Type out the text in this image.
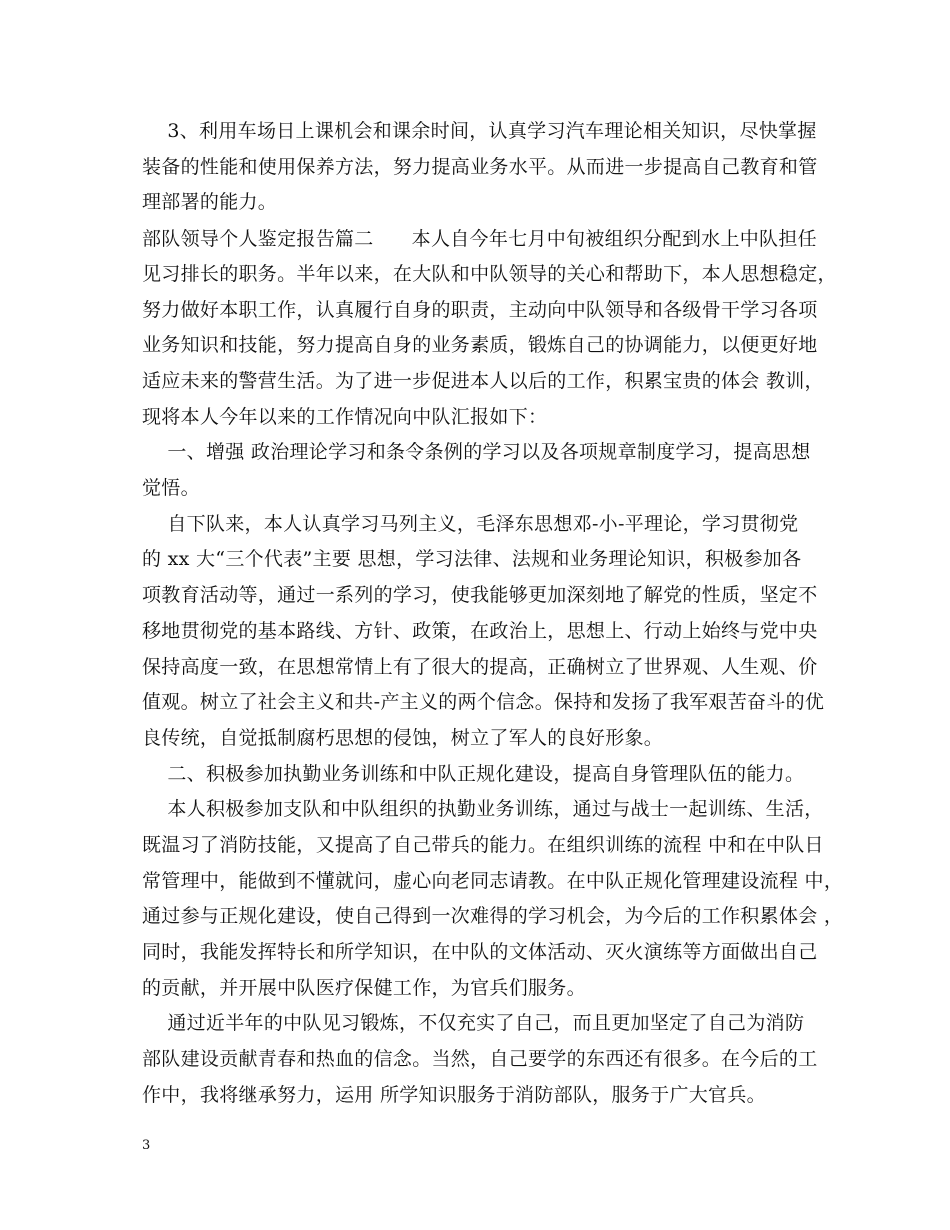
3、利用车场日上课机会和课余时间，认真学习汽车理论相关知识，尽快掌握
装备的性能和使用保养方法，努力提高业务水平。从而进一步提高自己教育和管
理部署的能力。
部队领导个人鉴定报告篇二      本人自今年七月中旬被组织分配到水上中队担任
见习排长的职务。半年以来，在大队和中队领导的关心和帮助下，本人思想稳定，
努力做好本职工作，认真履行自身的职责，主动向中队领导和各级骨干学习各项
业务知识和技能，努力提高自身的业务素质，锻炼自己的协调能力，以便更好地
适应未来的警营生活。为了进一步促进本人以后的工作，积累宝贵的体会 教训，
现将本人今年以来的工作情况向中队汇报如下：
一、增强 政治理论学习和条令条例的学习以及各项规章制度学习，提高思想
觉悟。
自下队来，本人认真学习马列主义，毛泽东思想邓-小-平理论，学习贯彻党
的 xx 大“三个代表”主要 思想，学习法律、法规和业务理论知识，积极参加各
项教育活动等，通过一系列的学习，使我能够更加深刻地了解党的性质，坚定不
移地贯彻党的基本路线、方针、政策，在政治上，思想上、行动上始终与党中央
保持高度一致，在思想常情上有了很大的提高，正确树立了世界观、人生观、价
值观。树立了社会主义和共-产主义的两个信念。保持和发扬了我军艰苦奋斗的优
良传统，自觉抵制腐朽思想的侵蚀，树立了军人的良好形象。
二、积极参加执勤业务训练和中队正规化建设，提高自身管理队伍的能力。
本人积极参加支队和中队组织的执勤业务训练，通过与战士一起训练、生活，
既温习了消防技能，又提高了自己带兵的能力。在组织训练的流程 中和在中队日
常管理中，能做到不懂就问，虚心向老同志请教。在中队正规化管理建设流程 中，
通过参与正规化建设，使自己得到一次难得的学习机会，为今后的工作积累体会 ，
同时，我能发挥特长和所学知识，在中队的文体活动、灭火演练等方面做出自己
的贡献，并开展中队医疗保健工作，为官兵们服务。
通过近半年的中队见习锻炼，不仅充实了自己，而且更加坚定了自己为消防
部队建设贡献青春和热血的信念。当然，自己要学的东西还有很多。在今后的工
作中，我将继承努力，运用 所学知识服务于消防部队，服务于广大官兵。
3
